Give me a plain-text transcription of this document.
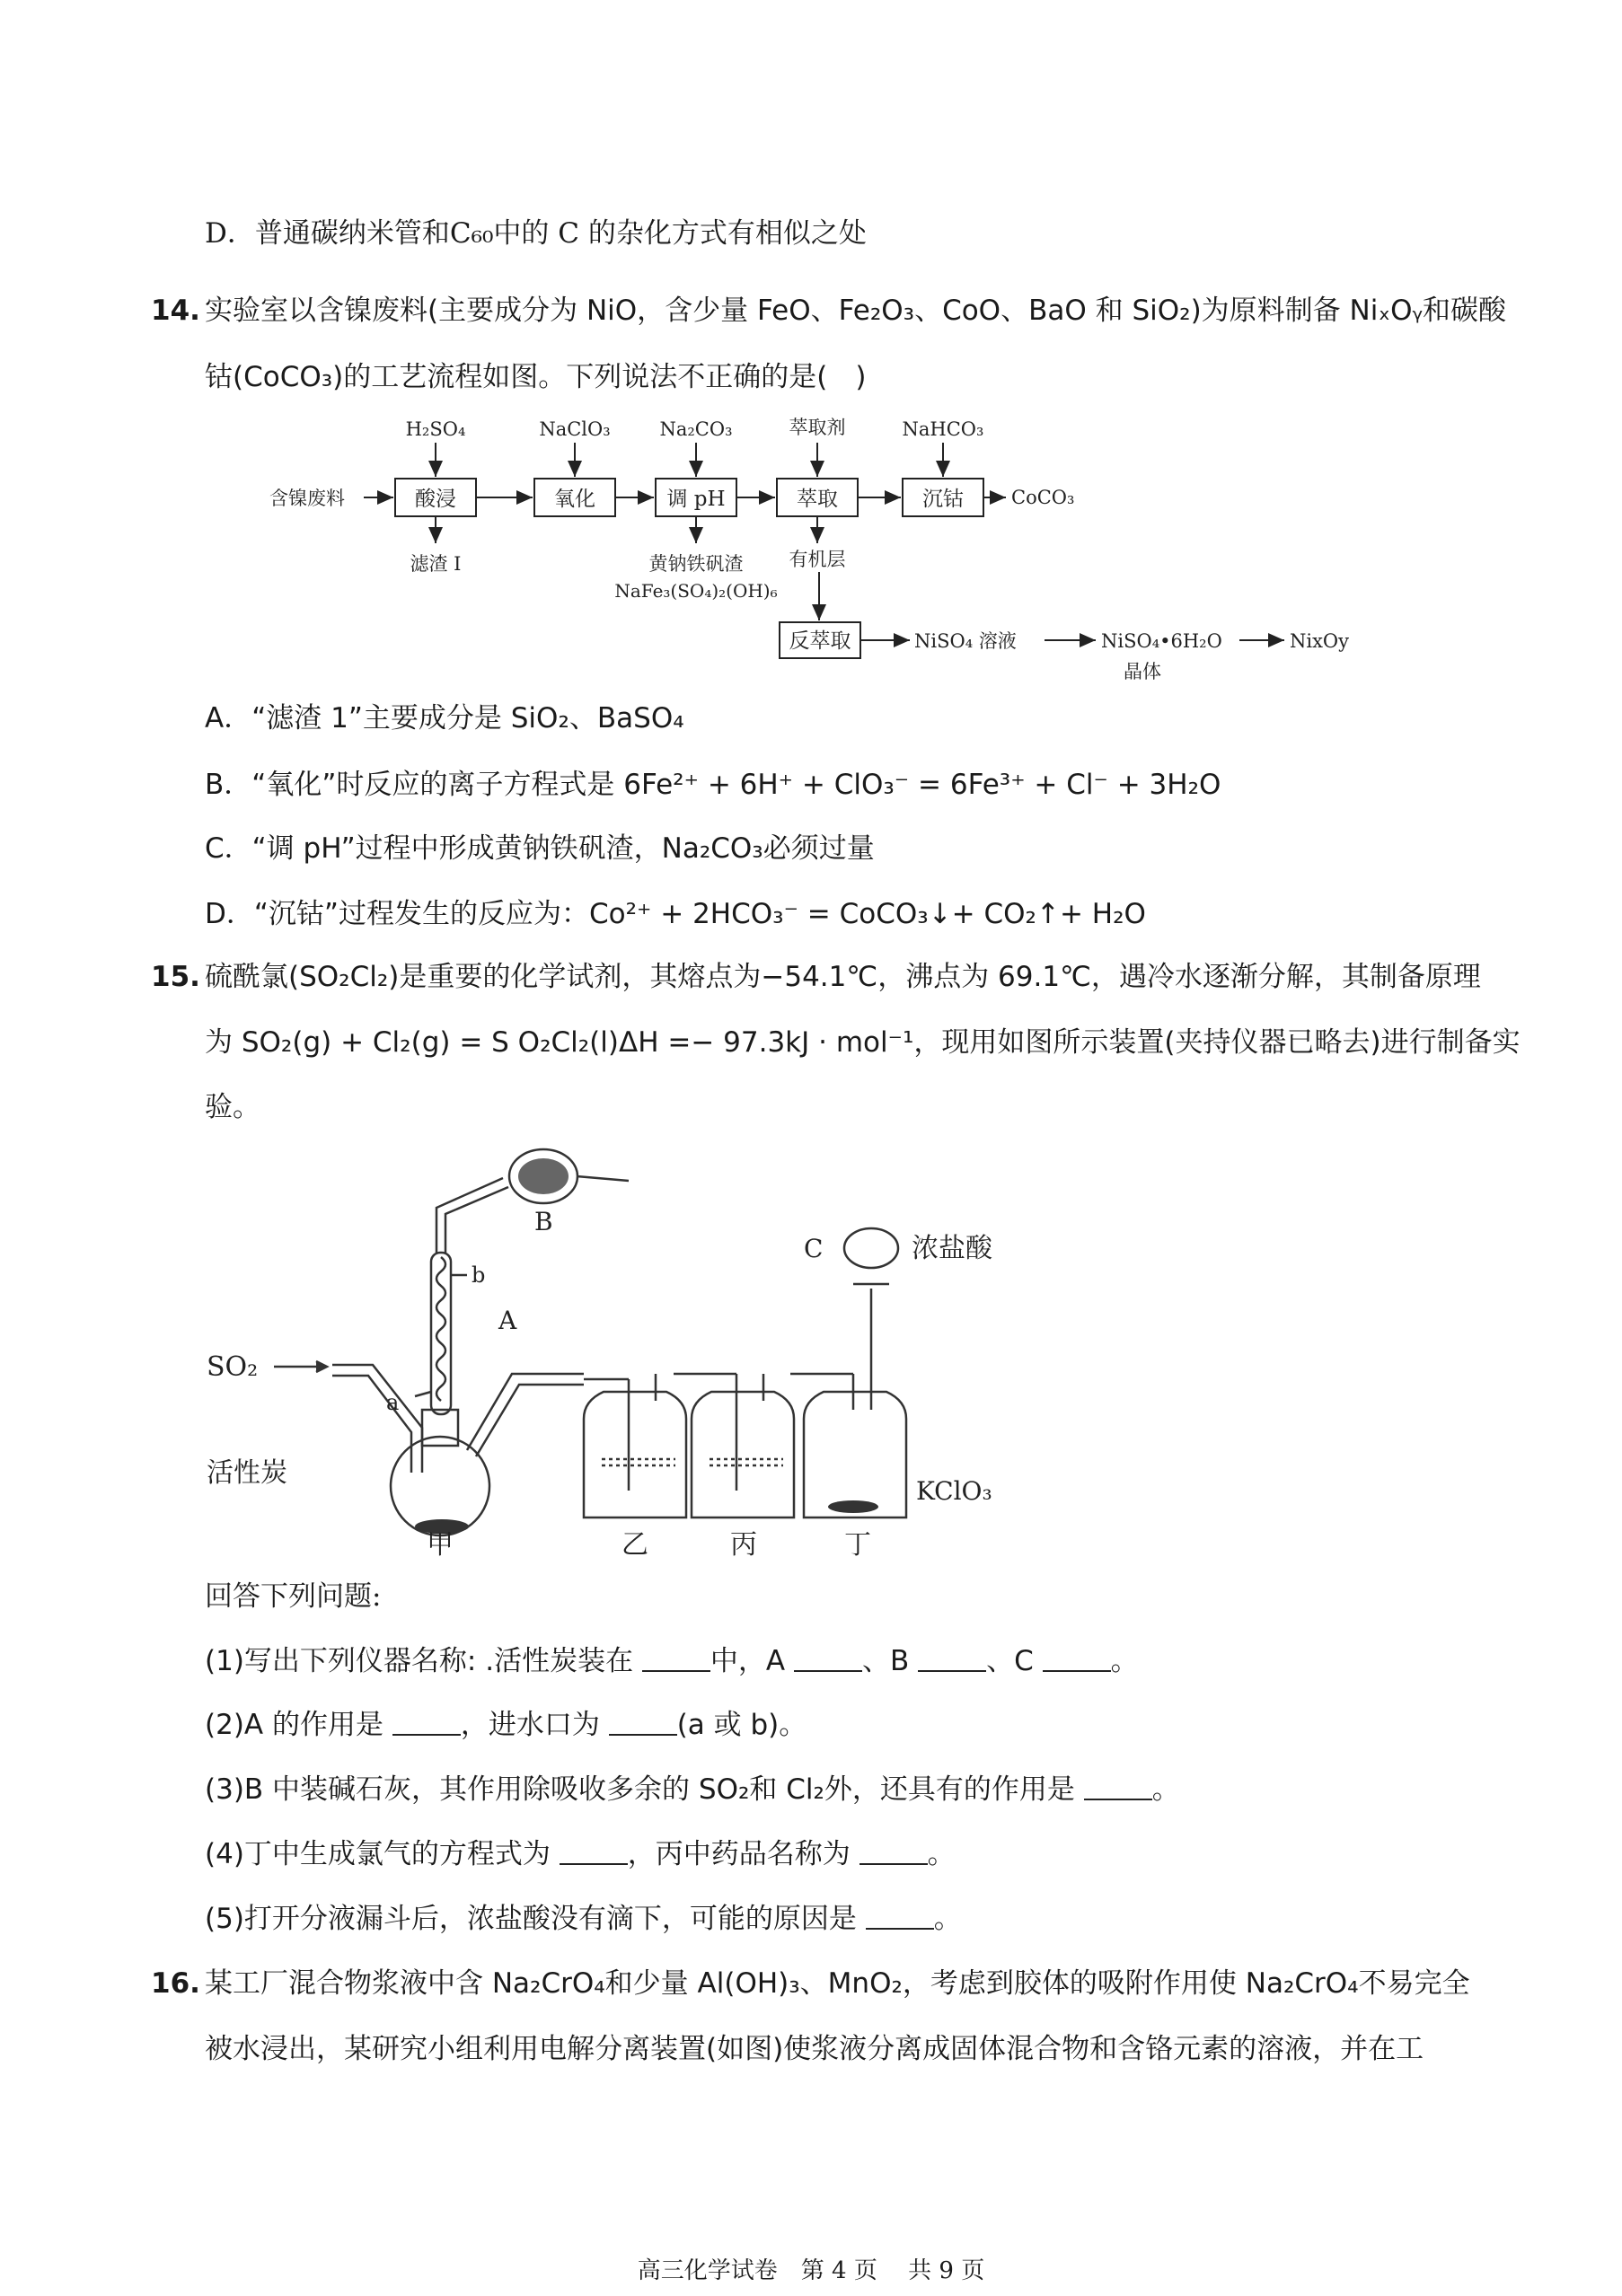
D．普通碳纳米管和C₆₀中的 C 的杂化方式有相似之处
14. 实验室以含镍废料(主要成分为 NiO，含少量 FeO、Fe₂O₃、CoO、BaO 和 SiO₂)为原料制备 NiₓOᵧ和碳酸
钴(CoCO₃)的工艺流程如图。下列说法不正确的是(　)
H₂SO₄	NaClO₃	Na₂CO₃	萃取剂	NaHCO₃
含镍废料	酸浸	氧化	调 pH	萃取	沉钴	CoCO₃
滤渣 I	黄钠铁矾渣
NaFe₃(SO₄)₂(OH)₆
有机层
反萃取	NiSO₄ 溶液	NiSO₄•6H₂O
晶体
NixOy
A．“滤渣 1”主要成分是 SiO₂、BaSO₄
B．“氧化”时反应的离子方程式是 6Fe²⁺ + 6H⁺ + ClO₃⁻ = 6Fe³⁺ + Cl⁻ + 3H₂O
C．“调 pH”过程中形成黄钠铁矾渣，Na₂CO₃必须过量
D．“沉钴”过程发生的反应为：Co²⁺ + 2HCO₃⁻ = CoCO₃↓+ CO₂↑+ H₂O
15. 硫酰氯(SO₂Cl₂)是重要的化学试剂，其熔点为−54.1℃，沸点为 69.1℃，遇冷水逐渐分解，其制备原理
为 SO₂(g) + Cl₂(g) = S O₂Cl₂(l)ΔH =− 97.3kJ · mol⁻¹，现用如图所示装置(夹持仪器已略去)进行制备实
验。
SO₂
a
b
A
B
C	浓盐酸
活性炭
KClO₃
甲	乙	丙	丁
回答下列问题:
(1)写出下列仪器名称: .活性炭装在 中，A 、B 、C 。
(2)A 的作用是 ，进水口为 (a 或 b)。
(3)B 中装碱石灰，其作用除吸收多余的 SO₂和 Cl₂外，还具有的作用是 。
(4)丁中生成氯气的方程式为 ，丙中药品名称为 。
(5)打开分液漏斗后，浓盐酸没有滴下，可能的原因是 。
16. 某工厂混合物浆液中含 Na₂CrO₄和少量 Al(OH)₃、MnO₂，考虑到胶体的吸附作用使 Na₂CrO₄不易完全
被水浸出，某研究小组利用电解分离装置(如图)使浆液分离成固体混合物和含铬元素的溶液，并在工
高三化学试卷　第 4 页　 共 9 页
